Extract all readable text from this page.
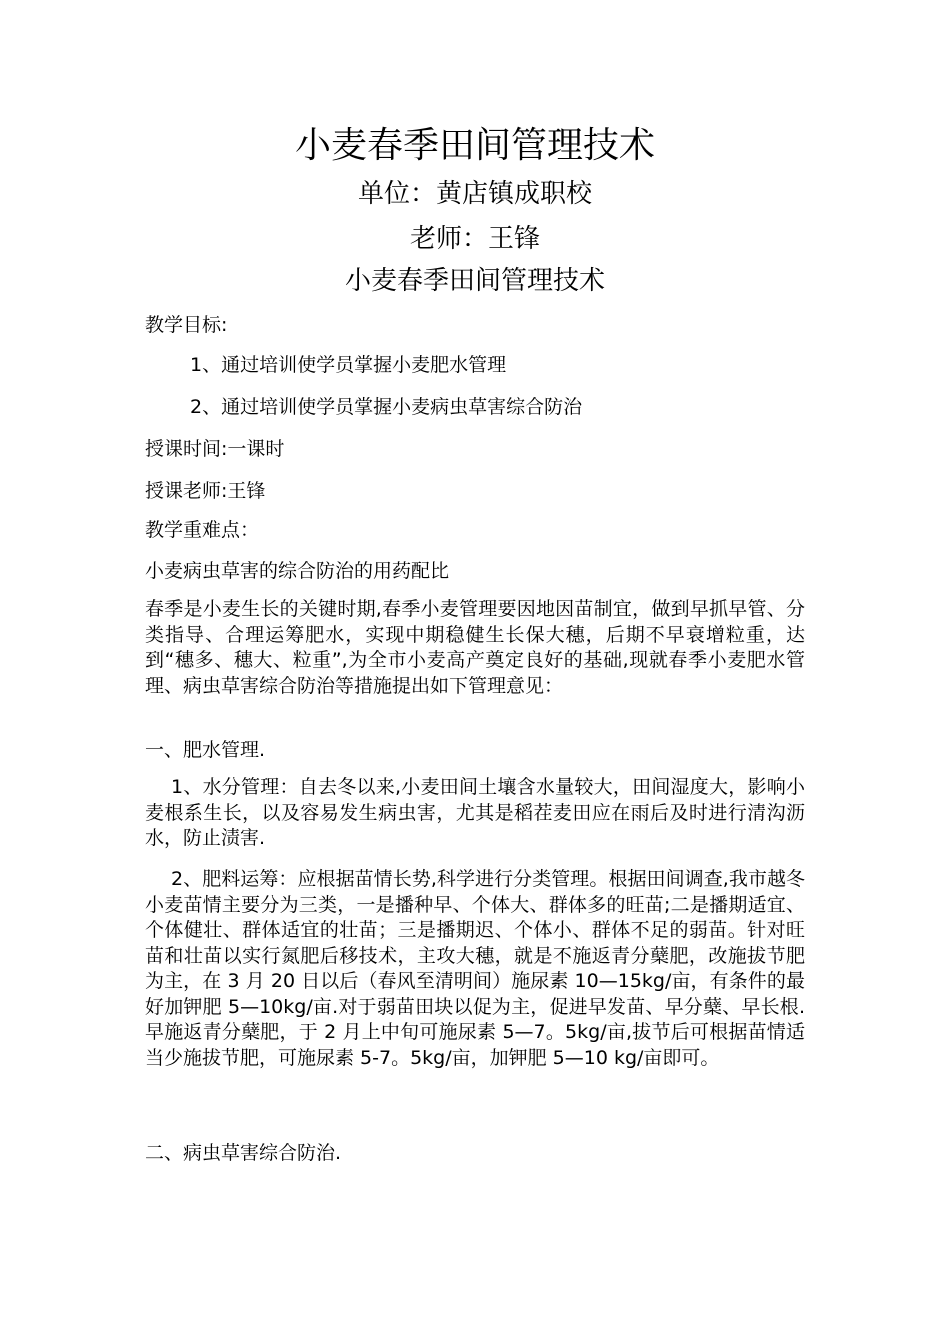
小麦春季田间管理技术
单位：黄店镇成职校
老师：王锋
小麦春季田间管理技术
教学目标:
1、通过培训使学员掌握小麦肥水管理
2、通过培训使学员掌握小麦病虫草害综合防治
授课时间:一课时
授课老师:王锋
教学重难点：
小麦病虫草害的综合防治的用药配比
春季是小麦生长的关键时期,春季小麦管理要因地因苗制宜，做到早抓早管、分类指导、合理运筹肥水，实现中期稳健生长保大穗，后期不早衰增粒重，达到“穗多、穗大、粒重”,为全市小麦高产奠定良好的基础,现就春季小麦肥水管理、病虫草害综合防治等措施提出如下管理意见：
一、肥水管理.
1、水分管理：自去冬以来,小麦田间土壤含水量较大，田间湿度大，影响小麦根系生长，以及容易发生病虫害，尤其是稻茬麦田应在雨后及时进行清沟沥水，防止渍害.
2、肥料运筹：应根据苗情长势,科学进行分类管理。根据田间调查,我市越冬小麦苗情主要分为三类，一是播种早、个体大、群体多的旺苗;二是播期适宜、个体健壮、群体适宜的壮苗；三是播期迟、个体小、群体不足的弱苗。针对旺苗和壮苗以实行氮肥后移技术，主攻大穗，就是不施返青分蘖肥，改施拔节肥为主，在 3 月 20 日以后（春风至清明间）施尿素 10—15kg/亩，有条件的最好加钾肥 5—10kg/亩.对于弱苗田块以促为主，促进早发苗、早分蘖、早长根.早施返青分蘖肥，于 2 月上中旬可施尿素 5—7。5kg/亩,拔节后可根据苗情适当少施拔节肥，可施尿素 5-7。5kg/亩，加钾肥 5—10 kg/亩即可。
二、病虫草害综合防治.
